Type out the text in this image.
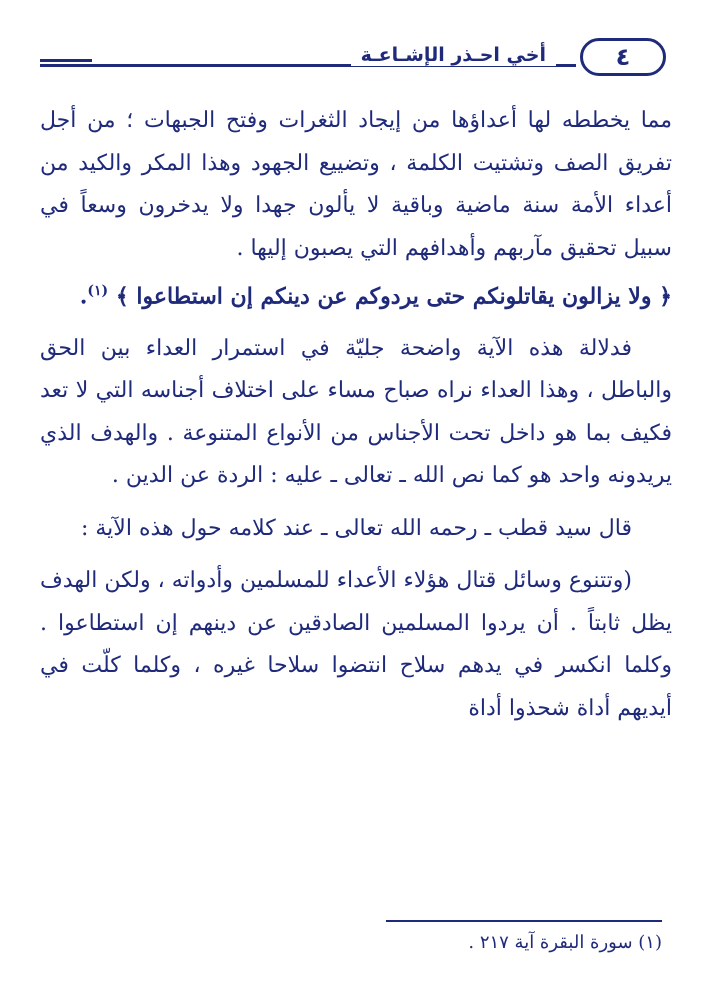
أخي احـذر الإشـاعـة	٤

مما يخططه لها أعداؤها من إيجاد الثغرات وفتح الجبهات ؛ من أجل تفريق الصف وتشتيت الكلمة ، وتضييع الجهود وهذا المكر والكيد من أعداء الأمة سنة ماضية وباقية لا يألون جهدا ولا يدخرون وسعاً في سبيل تحقيق مآربهم وأهدافهم التي يصبون إليها .

﴿ ولا يزالون يقاتلونكم حتى يردوكم عن دينكم إن استطاعوا ﴾ $^{(١)}$.

فدلالة هذه الآية واضحة جليّة في استمرار العداء بين الحق والباطل ، وهذا العداء نراه صباح مساء على اختلاف أجناسه التي لا تعد فكيف بما هو داخل تحت الأجناس من الأنواع المتنوعة . والهدف الذي يريدونه واحد هو كما نص الله ـ تعالى ـ عليه : الردة عن الدين .

قال سيد قطب ـ رحمه الله تعالى ـ عند كلامه حول هذه الآية :

(وتتنوع وسائل قتال هؤلاء الأعداء للمسلمين وأدواته ، ولكن الهدف يظل ثابتاً . أن يردوا المسلمين الصادقين عن دينهم إن استطاعوا . وكلما انكسر في يدهم سلاح انتضوا سلاحا غيره ، وكلما كلّت في أيديهم أداة شحذوا أداة

(١) سورة البقرة آية ٢١٧ .
